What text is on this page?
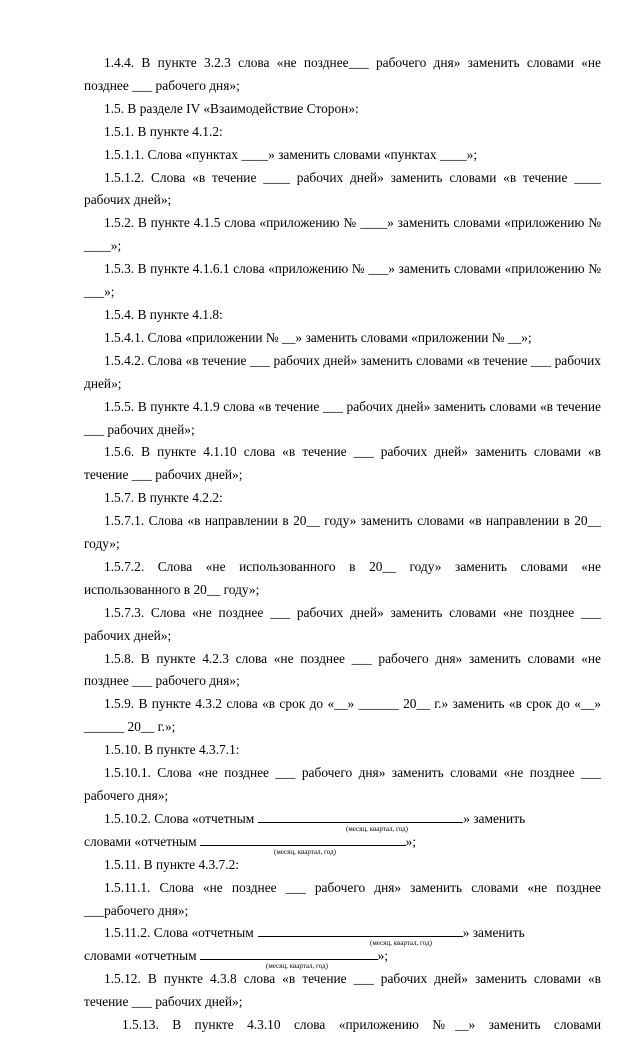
1.4.4. В пункте 3.2.3 слова «не позднее___ рабочего дня» заменить словами «не позднее ___ рабочего дня»;

1.5. В разделе IV «Взаимодействие Сторон»:

1.5.1. В пункте 4.1.2:

1.5.1.1. Слова «пунктах ____» заменить словами «пунктах ____»;

1.5.1.2. Слова «в течение ____ рабочих дней» заменить словами «в течение ____ рабочих дней»;

1.5.2. В пункте 4.1.5 слова «приложению № ____» заменить словами «приложению № ____»;

1.5.3. В пункте 4.1.6.1 слова «приложению № ___» заменить словами «приложению № ___»;

1.5.4. В пункте 4.1.8:

1.5.4.1. Слова «приложении № __» заменить словами «приложении № __»;

1.5.4.2. Слова «в течение ___ рабочих дней» заменить словами «в течение ___ рабочих дней»;

1.5.5. В пункте 4.1.9 слова «в течение ___ рабочих дней» заменить словами «в течение ___ рабочих дней»;

1.5.6. В пункте 4.1.10 слова «в течение ___ рабочих дней» заменить словами «в течение ___ рабочих дней»;

1.5.7. В пункте 4.2.2:

1.5.7.1. Слова «в направлении в 20__ году» заменить словами «в направлении в 20__ году»;

1.5.7.2. Слова «не использованного в 20__ году» заменить словами «не использованного в 20__ году»;

1.5.7.3. Слова «не позднее ___ рабочих дней» заменить словами «не позднее ___ рабочих дней»;

1.5.8. В пункте 4.2.3 слова «не позднее ___ рабочего дня» заменить словами «не позднее ___ рабочего дня»;

1.5.9. В пункте 4.3.2 слова «в срок до «__» ______ 20__ г.» заменить «в срок до «__» ______ 20__ г.»;

1.5.10. В пункте 4.3.7.1:

1.5.10.1. Слова «не позднее ___ рабочего дня» заменить словами «не позднее ___ рабочего дня»;

1.5.10.2. Слова «отчетным	» заменить
(месяц, квартал, год)
словами «отчетным	»;
(месяц, квартал, год)

1.5.11. В пункте 4.3.7.2:

1.5.11.1. Слова «не позднее ___ рабочего дня» заменить словами «не позднее ___рабочего дня»;

1.5.11.2. Слова «отчетным	» заменить
(месяц, квартал, год)
словами «отчетным	»;
(месяц, квартал, год)

1.5.12. В пункте 4.3.8 слова «в течение ___ рабочих дней» заменить словами «в течение ___ рабочих дней»;

1.5.13. В пункте 4.3.10 слова «приложению №__» заменить словами
